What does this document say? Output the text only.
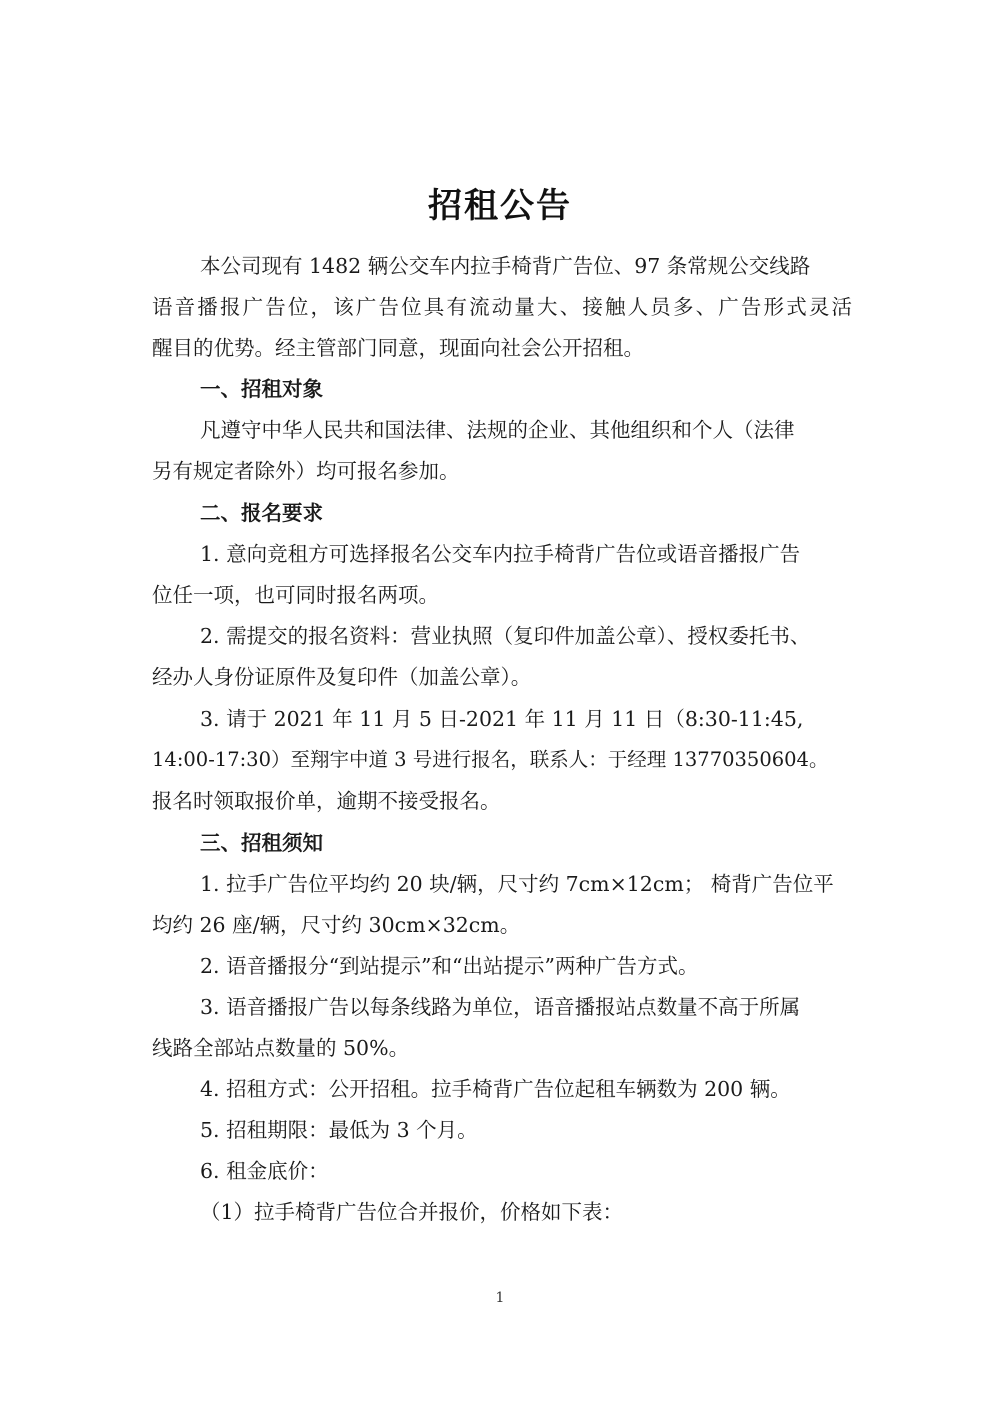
招租公告
本公司现有 1482 辆公交车内拉手椅背广告位、97 条常规公交线路
语音播报广告位，该广告位具有流动量大、接触人员多、广告形式灵活
醒目的优势。经主管部门同意，现面向社会公开招租。
一、招租对象
凡遵守中华人民共和国法律、法规的企业、其他组织和个人（法律
另有规定者除外）均可报名参加。
二、报名要求
1. 意向竞租方可选择报名公交车内拉手椅背广告位或语音播报广告
位任一项，也可同时报名两项。
2. 需提交的报名资料：营业执照（复印件加盖公章）、授权委托书、
经办人身份证原件及复印件（加盖公章）。
3. 请于 2021 年 11 月 5 日-2021 年 11 月 11 日（8:30-11:45,
14:00-17:30）至翔宇中道 3 号进行报名，联系人：于经理 13770350604。
报名时领取报价单，逾期不接受报名。
三、招租须知
1. 拉手广告位平均约 20 块/辆，尺寸约 7cm×12cm； 椅背广告位平
均约 26 座/辆，尺寸约 30cm×32cm。
2. 语音播报分“到站提示”和“出站提示”两种广告方式。
3. 语音播报广告以每条线路为单位，语音播报站点数量不高于所属
线路全部站点数量的 50%。
4. 招租方式：公开招租。拉手椅背广告位起租车辆数为 200 辆。
5. 招租期限：最低为 3 个月。
6. 租金底价：
（1）拉手椅背广告位合并报价，价格如下表：
1
